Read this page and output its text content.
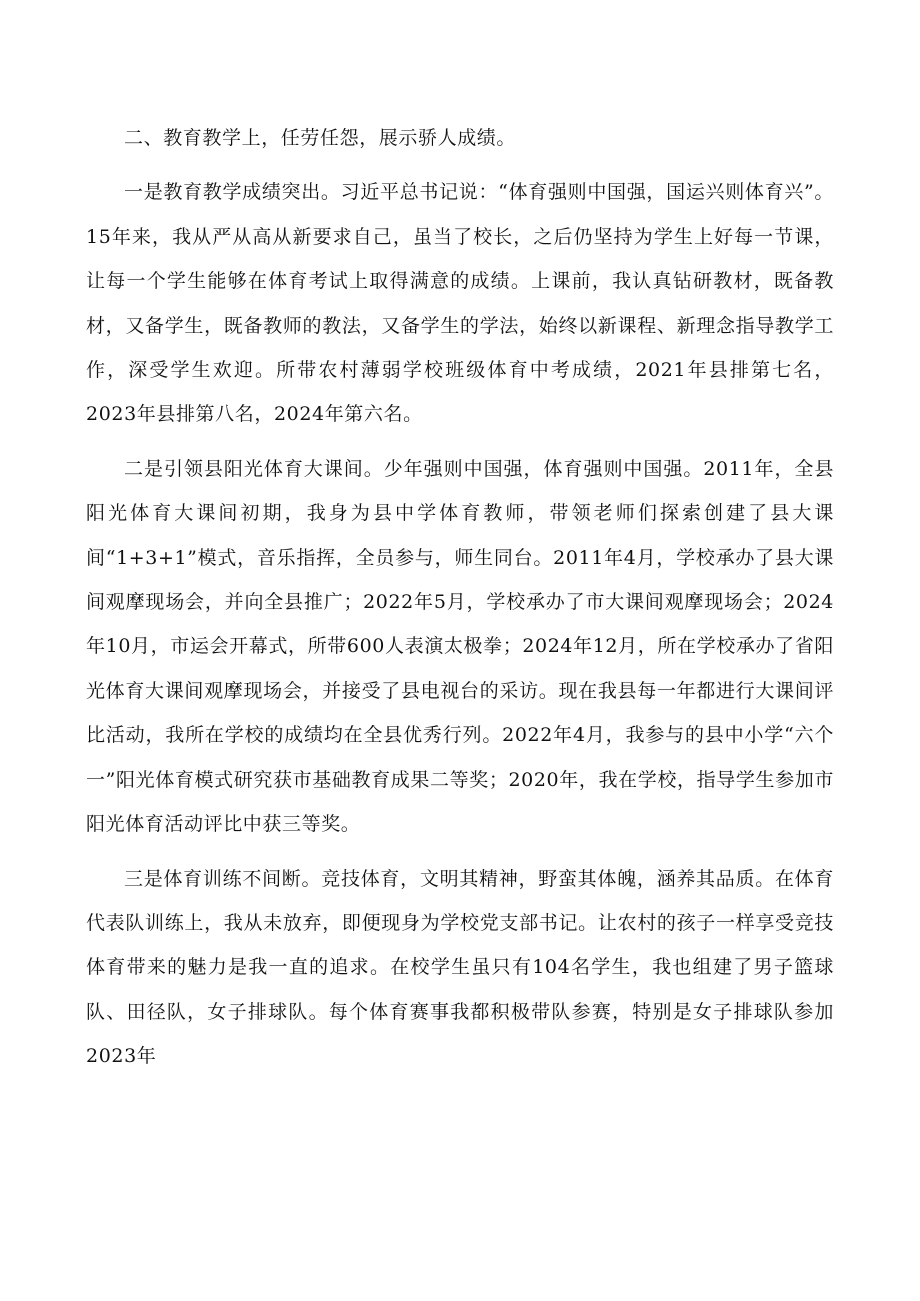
二、教育教学上，任劳任怨，展示骄人成绩。

一是教育教学成绩突出。习近平总书记说：“体育强则中国强，国运兴则体育兴”。15年来，我从严从高从新要求自己，虽当了校长，之后仍坚持为学生上好每一节课，让每一个学生能够在体育考试上取得满意的成绩。上课前，我认真钻研教材，既备教材，又备学生，既备教师的教法，又备学生的学法，始终以新课程、新理念指导教学工作，深受学生欢迎。所带农村薄弱学校班级体育中考成绩，2021年县排第七名，2023年县排第八名，2024年第六名。

二是引领县阳光体育大课间。少年强则中国强，体育强则中国强。2011年，全县阳光体育大课间初期，我身为县中学体育教师，带领老师们探索创建了县大课间“1+3+1”模式，音乐指挥，全员参与，师生同台。2011年4月，学校承办了县大课间观摩现场会，并向全县推广；2022年5月，学校承办了市大课间观摩现场会；2024年10月，市运会开幕式，所带600人表演太极拳；2024年12月，所在学校承办了省阳光体育大课间观摩现场会，并接受了县电视台的采访。现在我县每一年都进行大课间评比活动，我所在学校的成绩均在全县优秀行列。2022年4月，我参与的县中小学“六个一”阳光体育模式研究获市基础教育成果二等奖；2020年，我在学校，指导学生参加市阳光体育活动评比中获三等奖。

三是体育训练不间断。竞技体育，文明其精神，野蛮其体魄，涵养其品质。在体育代表队训练上，我从未放弃，即便现身为学校党支部书记。让农村的孩子一样享受竞技体育带来的魅力是我一直的追求。在校学生虽只有104名学生，我也组建了男子篮球队、田径队，女子排球队。每个体育赛事我都积极带队参赛，特别是女子排球队参加2023年
